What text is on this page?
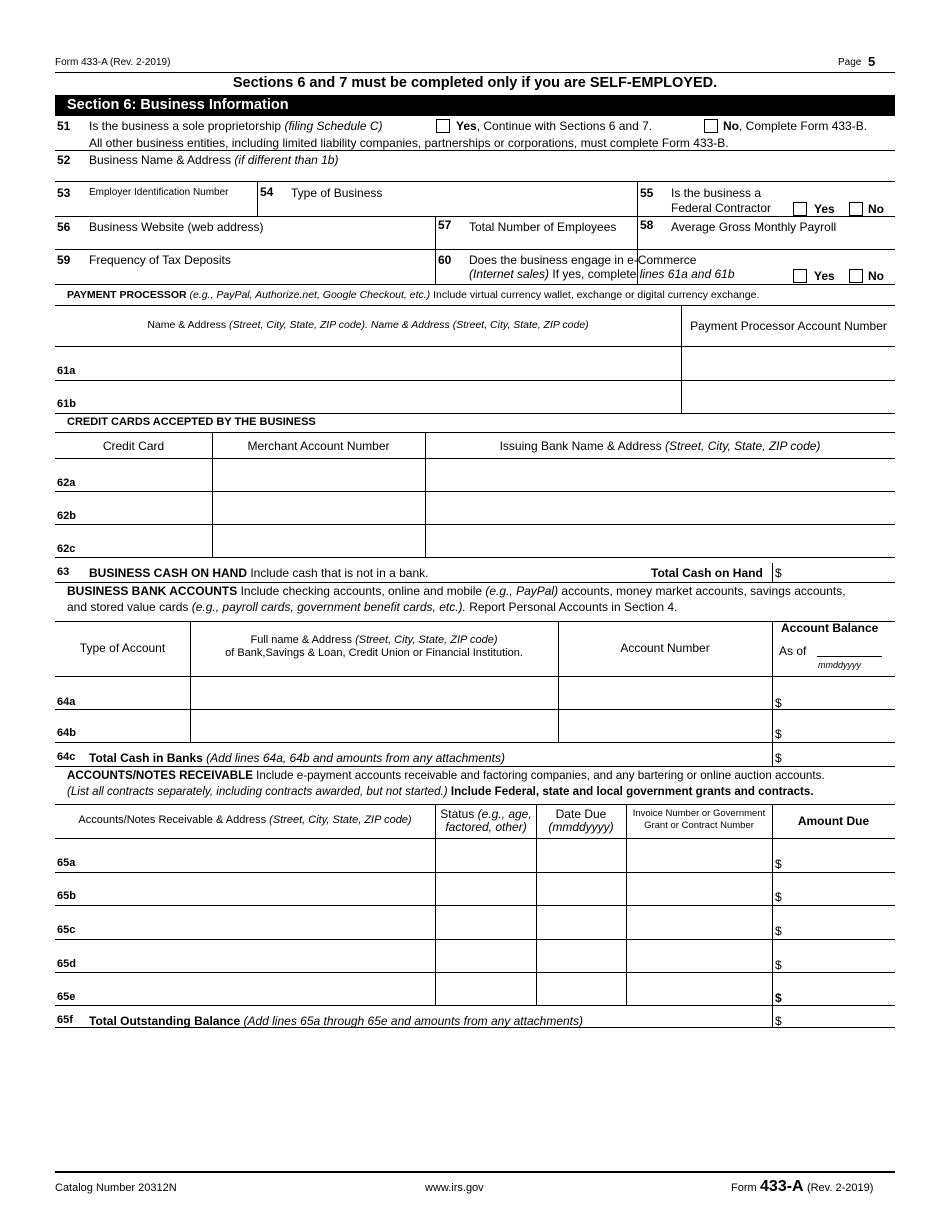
Form 433-A (Rev. 2-2019)	Page 5
Sections 6 and 7 must be completed only if you are SELF-EMPLOYED.
Section 6: Business Information
51 Is the business a sole proprietorship (filing Schedule C)	Yes, Continue with Sections 6 and 7.	No, Complete Form 433-B.
All other business entities, including limited liability companies, partnerships or corporations, must complete Form 433-B.
52 Business Name & Address (if different than 1b)
53 Employer Identification Number	54 Type of Business	55 Is the business a
Federal Contractor	Yes	No
56 Business Website (web address)	57 Total Number of Employees 58 Average Gross Monthly Payroll
59 Frequency of Tax Deposits	60 Does the business engage in e-Commerce
(Internet sales) If yes, complete lines 61a and 61b	Yes	No
PAYMENT PROCESSOR (e.g., PayPal, Authorize.net, Google Checkout, etc.) Include virtual currency wallet, exchange or digital currency exchange.
Name & Address (Street, City, State, ZIP code). Name & Address (Street, City, State, ZIP code)	Payment Processor Account Number
61a
61b
CREDIT CARDS ACCEPTED BY THE BUSINESS
Credit Card	Merchant Account Number	Issuing Bank Name & Address (Street, City, State, ZIP code)
62a
62b
62c
63 BUSINESS CASH ON HAND Include cash that is not in a bank.	Total Cash on Hand $
BUSINESS BANK ACCOUNTS Include checking accounts, online and mobile (e.g., PayPal) accounts, money market accounts, savings accounts,
and stored value cards (e.g., payroll cards, government benefit cards, etc.). Report Personal Accounts in Section 4.
Type of Account
Full name & Address (Street, City, State, ZIP code)
of Bank,Savings & Loan, Credit Union or Financial Institution.	Account Number
Account Balance
As of
mmddyyyy
64a	$
64b	$
64c Total Cash in Banks (Add lines 64a, 64b and amounts from any attachments)	$
ACCOUNTS/NOTES RECEIVABLE Include e-payment accounts receivable and factoring companies, and any bartering or online auction accounts.
(List all contracts separately, including contracts awarded, but not started.) Include Federal, state and local government grants and contracts.
Accounts/Notes Receivable & Address (Street, City, State, ZIP code)	Status (e.g., age,
factored, other)
Date Due
(mmddyyyy)
Invoice Number or Government
Grant or Contract Number	Amount Due
65a	$
65b	$
65c	$
65d	$
65e	$
65f Total Outstanding Balance (Add lines 65a through 65e and amounts from any attachments)	$
Catalog Number 20312N	www.irs.gov	Form 433-A (Rev. 2-2019)
